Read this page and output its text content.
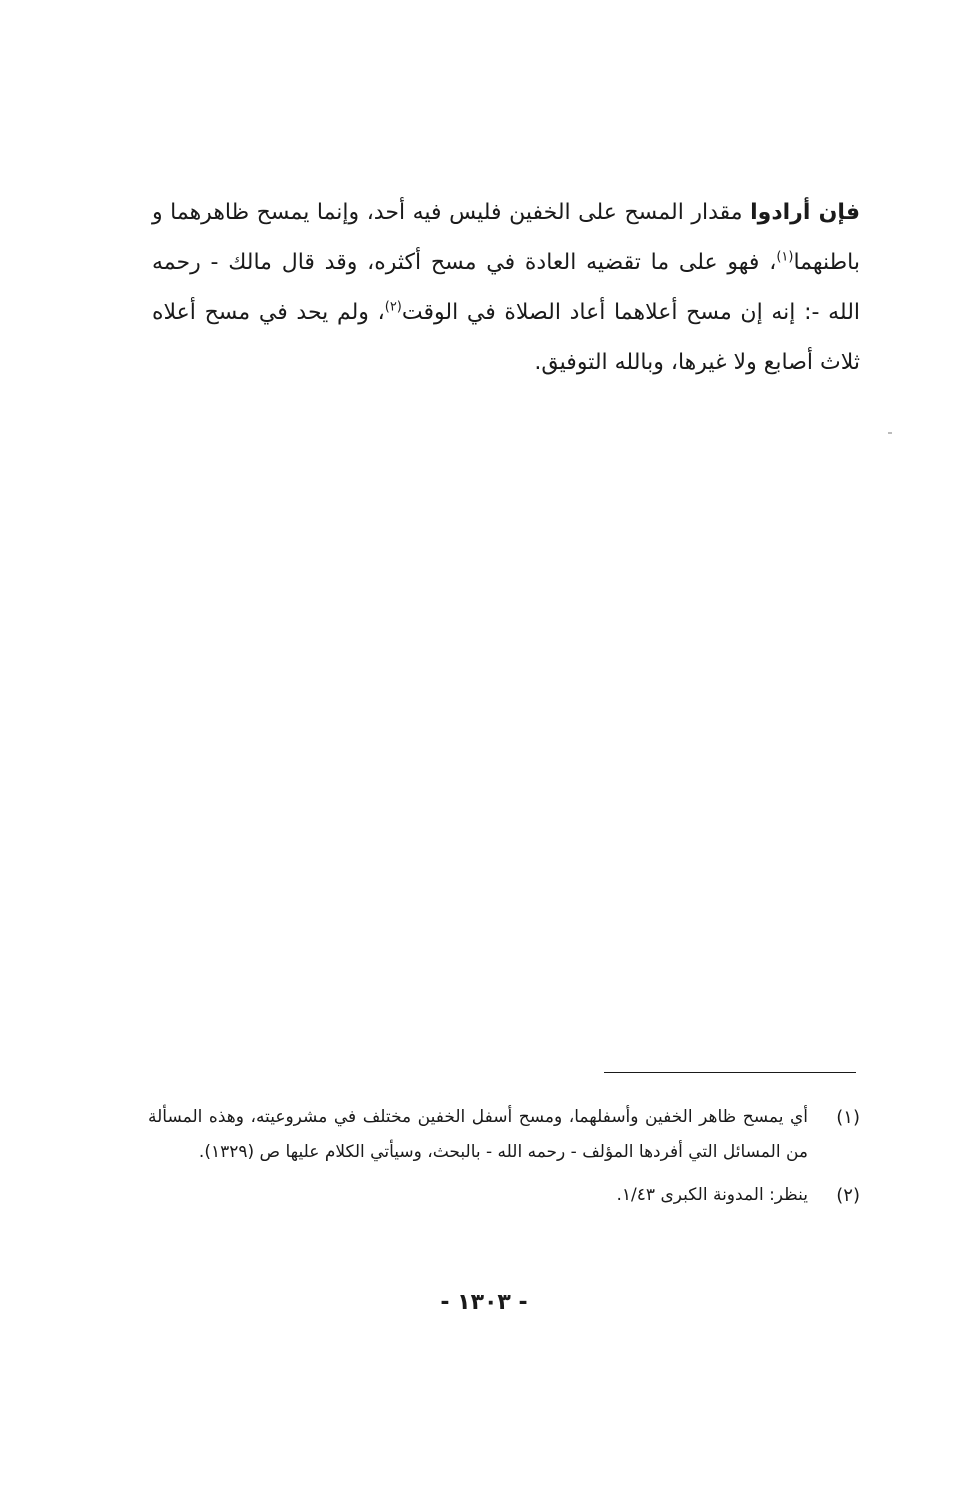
فإن أرادوا مقدار المسح على الخفين فليس فيه أحد، وإنما يمسح ظاهرهما و باطنهما$^{(١)}$، فهو على ما تقضيه العادة في مسح أكثره، وقد قال مالك - رحمه الله -: إنه إن مسح أعلاهما أعاد الصلاة في الوقت$^{(٢)}$، ولم يحد في مسح أعلاه ثلاث أصابع ولا غيرها، وبالله التوفيق.

(١)
أي يمسح ظاهر الخفين وأسفلهما، ومسح أسفل الخفين مختلف في مشروعيته، وهذه المسألة من المسائل التي أفردها المؤلف - رحمه الله - بالبحث، وسيأتي الكلام عليها ص (١٣٢٩).
(٢)
ينظر: المدونة الكبرى ١/٤٣.
- ١٣٠٣ -
